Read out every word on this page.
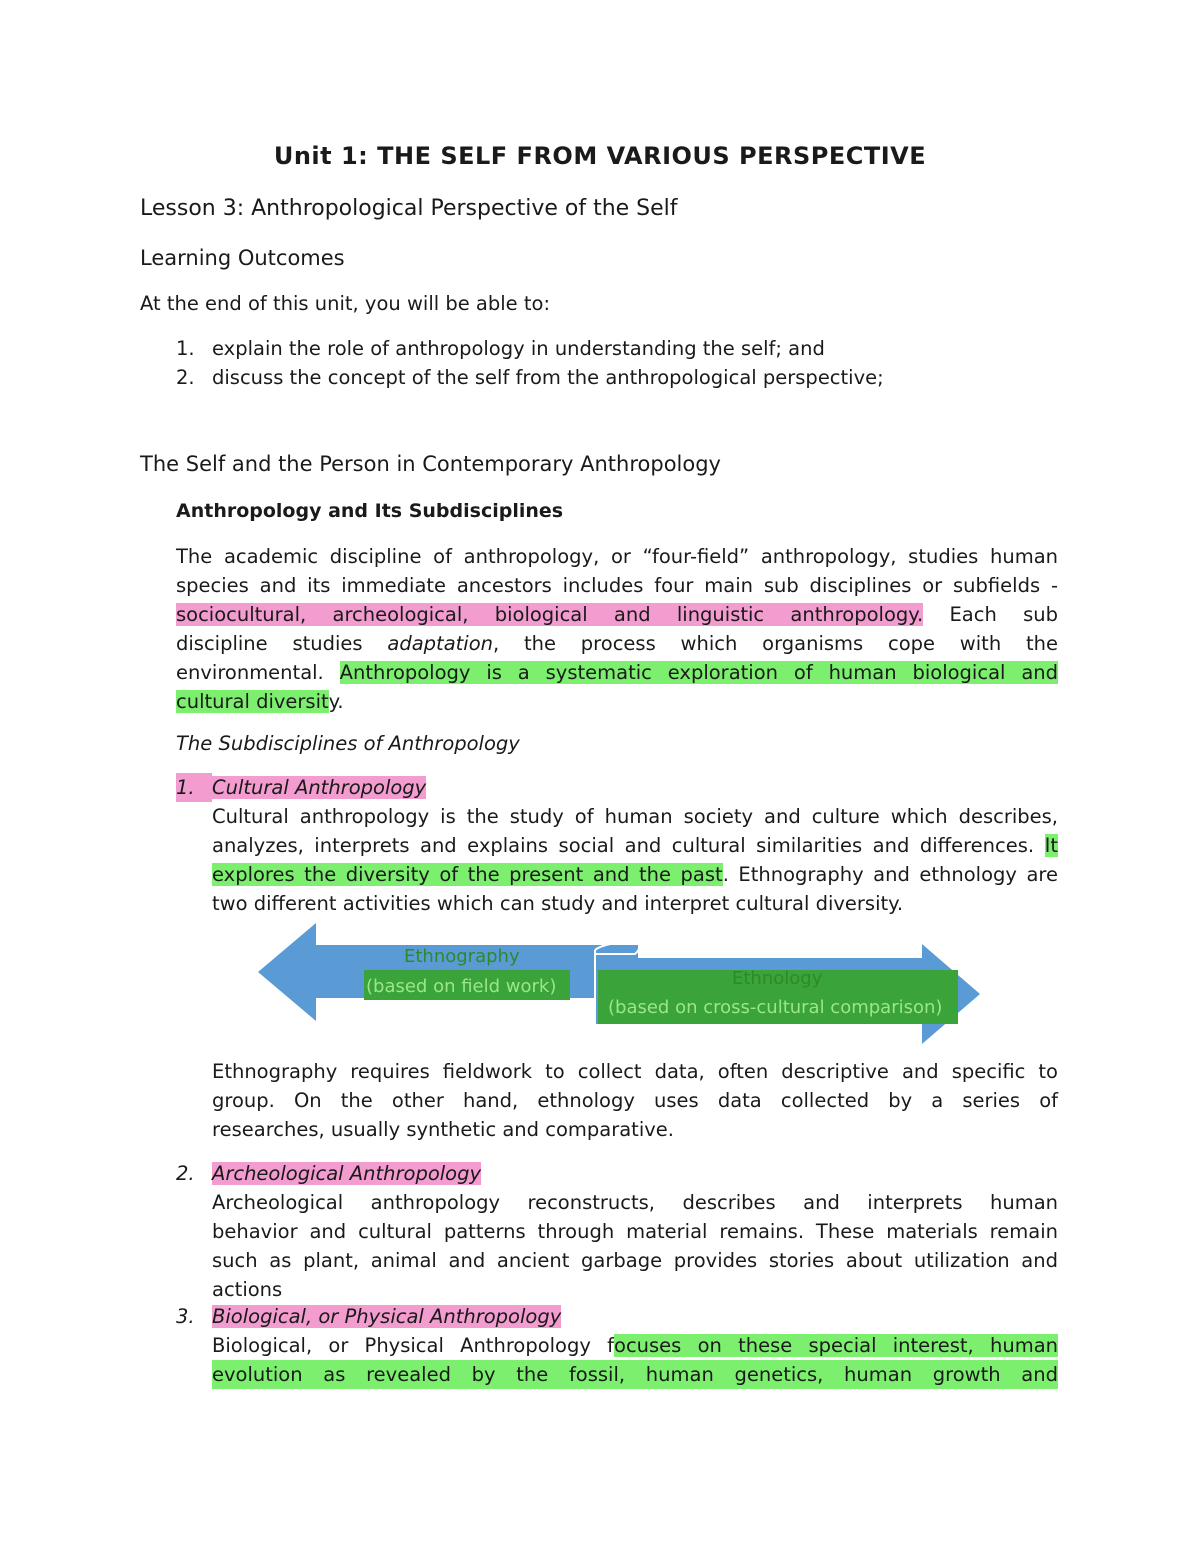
Unit 1: THE SELF FROM VARIOUS PERSPECTIVE
Lesson 3: Anthropological Perspective of the Self
Learning Outcomes
At the end of this unit, you will be able to:
1. explain the role of anthropology in understanding the self; and
2. discuss the concept of the self from the anthropological perspective;
The Self and the Person in Contemporary Anthropology
Anthropology and Its Subdisciplines
The academic discipline of anthropology, or “four-field” anthropology, studies human
species and its immediate ancestors includes four main sub disciplines or subfields -
sociocultural, archeological, biological and linguistic anthropology. Each sub
discipline studies adaptation, the process which organisms cope with the
environmental. Anthropology is a systematic exploration of human biological and
cultural diversity.
The Subdisciplines of Anthropology
1. Cultural Anthropology
Cultural anthropology is the study of human society and culture which describes,
analyzes, interprets and explains social and cultural similarities and differences. It
explores the diversity of the present and the past. Ethnography and ethnology are
two different activities which can study and interpret cultural diversity.
Ethnography
(based on field work)	Ethnology
(based on cross-cultural comparison)
Ethnography requires fieldwork to collect data, often descriptive and specific to
group. On the other hand, ethnology uses data collected by a series of
researches, usually synthetic and comparative.
2. Archeological Anthropology
Archeological anthropology reconstructs, describes and interprets human
behavior and cultural patterns through material remains. These materials remain
such as plant, animal and ancient garbage provides stories about utilization and
actions
3. Biological, or Physical Anthropology
Biological, or Physical Anthropology focuses on these special interest, human
evolution as revealed by the fossil, human genetics, human growth and
